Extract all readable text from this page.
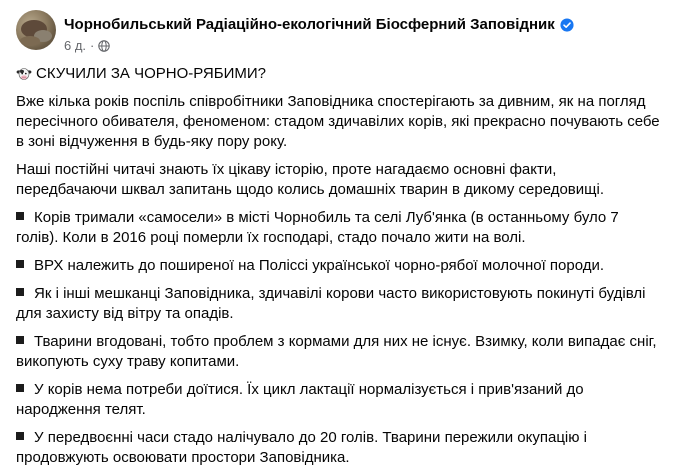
Чорнобильський Радіаційно-екологічний Біосферний Заповідник
6 д. ·
СКУЧИЛИ ЗА ЧОРНО-РЯБИМИ?

Вже кілька років поспіль співробітники Заповідника спостерігають за дивним, як на погляд пересічного обивателя, феноменом: стадом здичавілих корів, які прекрасно почувають себе в зоні відчуження в будь-яку пору року.

Наші постійні читачі знають їх цікаву історію, проте нагадаємо основні факти, передбачаючи шквал запитань щодо колись домашніх тварин в дикому середовищі.

Корів тримали «самосели» в місті Чорнобиль та селі Луб'янка (в останньому було 7 голів). Коли в 2016 році померли їх господарі, стадо почало жити на волі.
ВРХ належить до поширеної на Поліссі української чорно-рябої молочної породи.
Як і інші мешканці Заповідника, здичавілі корови часто використовують покинуті будівлі для захисту від вітру та опадів.
Тварини вгодовані, тобто проблем з кормами для них не існує. Взимку, коли випадає сніг, викопують суху траву копитами.
У корів нема потреби доїтися. Їх цикл лактації нормалізується і прив'язаний до народження телят.
У передвоєнні часи стадо налічувало до 20 голів. Тварини пережили окупацію і продовжують освоювати простори Заповідника.
